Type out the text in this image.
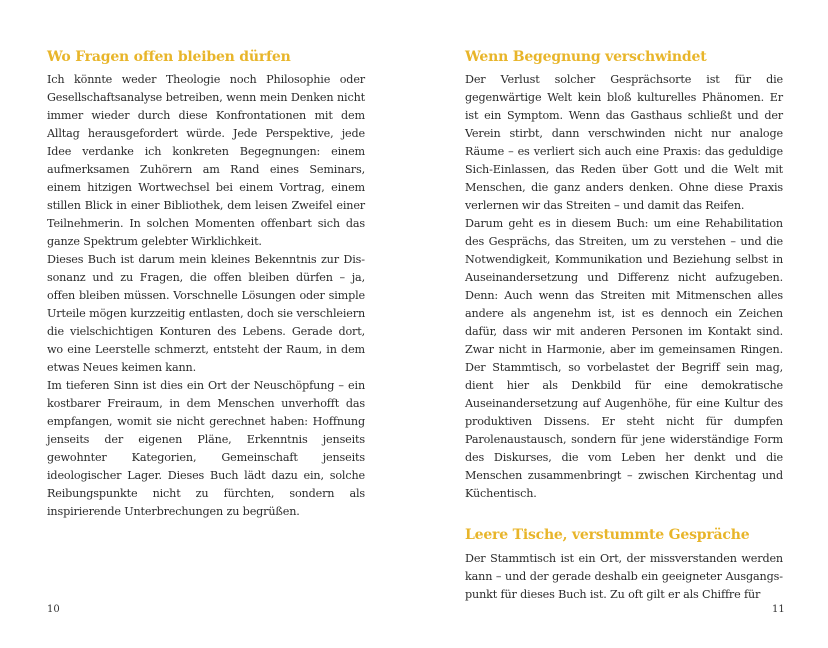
Wo Fragen offen bleiben dürfen

Ich könnte weder Theologie noch Philosophie oder Gesellschaftsanalyse betreiben, wenn mein Denken nicht immer wieder durch diese Konfrontationen mit dem Alltag herausgefordert würde. Jede Perspektive, jede Idee verdanke ich konkreten Begegnungen: einem aufmerksamen Zuhörern am Rand eines Seminars, einem hitzigen Wortwechsel bei einem Vortrag, einem stillen Blick in einer Bibliothek, dem leisen Zweifel einer Teilnehmerin. In solchen Momenten offenbart sich das ganze Spektrum gelebter Wirklichkeit.

Dieses Buch ist darum mein kleines Bekenntnis zur Dissonanz und zu Fragen, die offen bleiben dürfen – ja, offen bleiben müssen. Vorschnelle Lösungen oder simple Urteile mögen kurzzeitig entlasten, doch sie verschleiern die vielschichtigen Konturen des Lebens. Gerade dort, wo eine Leerstelle schmerzt, entsteht der Raum, in dem etwas Neues keimen kann.

Im tieferen Sinn ist dies ein Ort der Neuschöpfung – ein kostbarer Freiraum, in dem Menschen unverhofft das empfangen, womit sie nicht gerechnet haben: Hoffnung jenseits der eigenen Pläne, Erkenntnis jenseits gewohnter Kategorien, Gemeinschaft jenseits ideologischer Lager. Dieses Buch lädt dazu ein, solche Reibungspunkte nicht zu fürchten, sondern als inspirierende Unterbrechungen zu begrüßen.

Wenn Begegnung verschwindet

Der Verlust solcher Gesprächsorte ist für die gegenwärtige Welt kein bloß kulturelles Phänomen. Er ist ein Symptom. Wenn das Gasthaus schließt und der Verein stirbt, dann verschwinden nicht nur analoge Räume – es verliert sich auch eine Praxis: das geduldige Sich-Einlassen, das Reden über Gott und die Welt mit Menschen, die ganz anders denken. Ohne diese Praxis verlernen wir das Streiten – und damit das Reifen.

Darum geht es in diesem Buch: um eine Rehabilitation des Gesprächs, das Streiten, um zu verstehen – und die Notwendigkeit, Kommunikation und Beziehung selbst in Auseinandersetzung und Differenz nicht aufzugeben. Denn: Auch wenn das Streiten mit Mitmenschen alles andere als angenehm ist, ist es dennoch ein Zeichen dafür, dass wir mit anderen Personen im Kontakt sind. Zwar nicht in Harmonie, aber im gemeinsamen Ringen. Der Stammtisch, so vorbelastet der Begriff sein mag, dient hier als Denkbild für eine demokratische Auseinandersetzung auf Augenhöhe, für eine Kultur des produktiven Dissens. Er steht nicht für dumpfen Parolenaustausch, sondern für jene widerständige Form des Diskurses, die vom Leben her denkt und die Menschen zusammenbringt – zwischen Kirchentag und Küchentisch.

Leere Tische, verstummte Gespräche

Der Stammtisch ist ein Ort, der missverstanden werden kann – und der gerade deshalb ein geeigneter Ausgangspunkt für dieses Buch ist. Zu oft gilt er als Chiffre für

10	11
